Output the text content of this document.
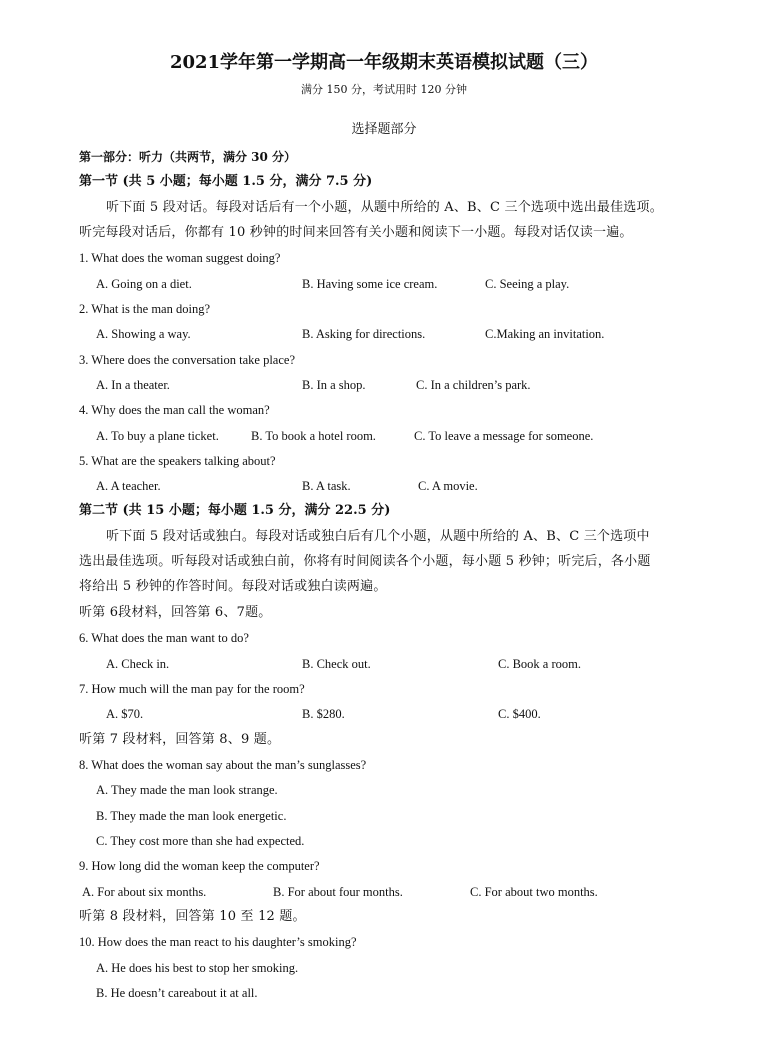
2021学年第一学期高一年级期末英语模拟试题（三）
满分 150 分，考试用时 120 分钟
选择题部分
第一部分：听力（共两节，满分 30 分）
第一节 (共 5 小题；每小题 1.5 分，满分 7.5 分)
听下面 5 段对话。每段对话后有一个小题，从题中所给的 A、B、C 三个选项中选出最佳选项。
听完每段对话后，你都有 10 秒钟的时间来回答有关小题和阅读下一小题。每段对话仅读一遍。
1. What does the woman suggest doing?
A. Going on a diet.	B. Having some ice cream.	C. Seeing a play.
2. What is the man doing?
A. Showing a way.	B. Asking for directions.	C.Making an invitation.
3. Where does the conversation take place?
A. In a theater.	B. In a shop.	C. In a children’s park.
4. Why does the man call the woman?
A. To buy a plane ticket.	B. To book a hotel room.	C. To leave a message for someone.
5. What are the speakers talking about?
A. A teacher.	B. A task.	C. A movie.
第二节 (共 15 小题；每小题 1.5 分，满分 22.5 分)
听下面 5 段对话或独白。每段对话或独白后有几个小题，从题中所给的 A、B、C 三个选项中
选出最佳选项。听每段对话或独白前，你将有时间阅读各个小题，每小题 5 秒钟；听完后，各小题
将给出 5 秒钟的作答时间。每段对话或独白读两遍。
听第 6段材料，回答第 6、7题。
6. What does the man want to do?
A. Check in.	B. Check out.	C. Book a room.
7. How much will the man pay for the room?
A. $70.	B. $280.	C. $400.
听第 7 段材料，回答第 8、9 题。
8. What does the woman say about the man’s sunglasses?
A. They made the man look strange.
B. They made the man look energetic.
C. They cost more than she had expected.
9. How long did the woman keep the computer?
A. For about six months.	B. For about four months.	C. For about two months.
听第 8 段材料，回答第 10 至 12 题。
10. How does the man react to his daughter’s smoking?
A. He does his best to stop her smoking.
B. He doesn’t careabout it at all.
